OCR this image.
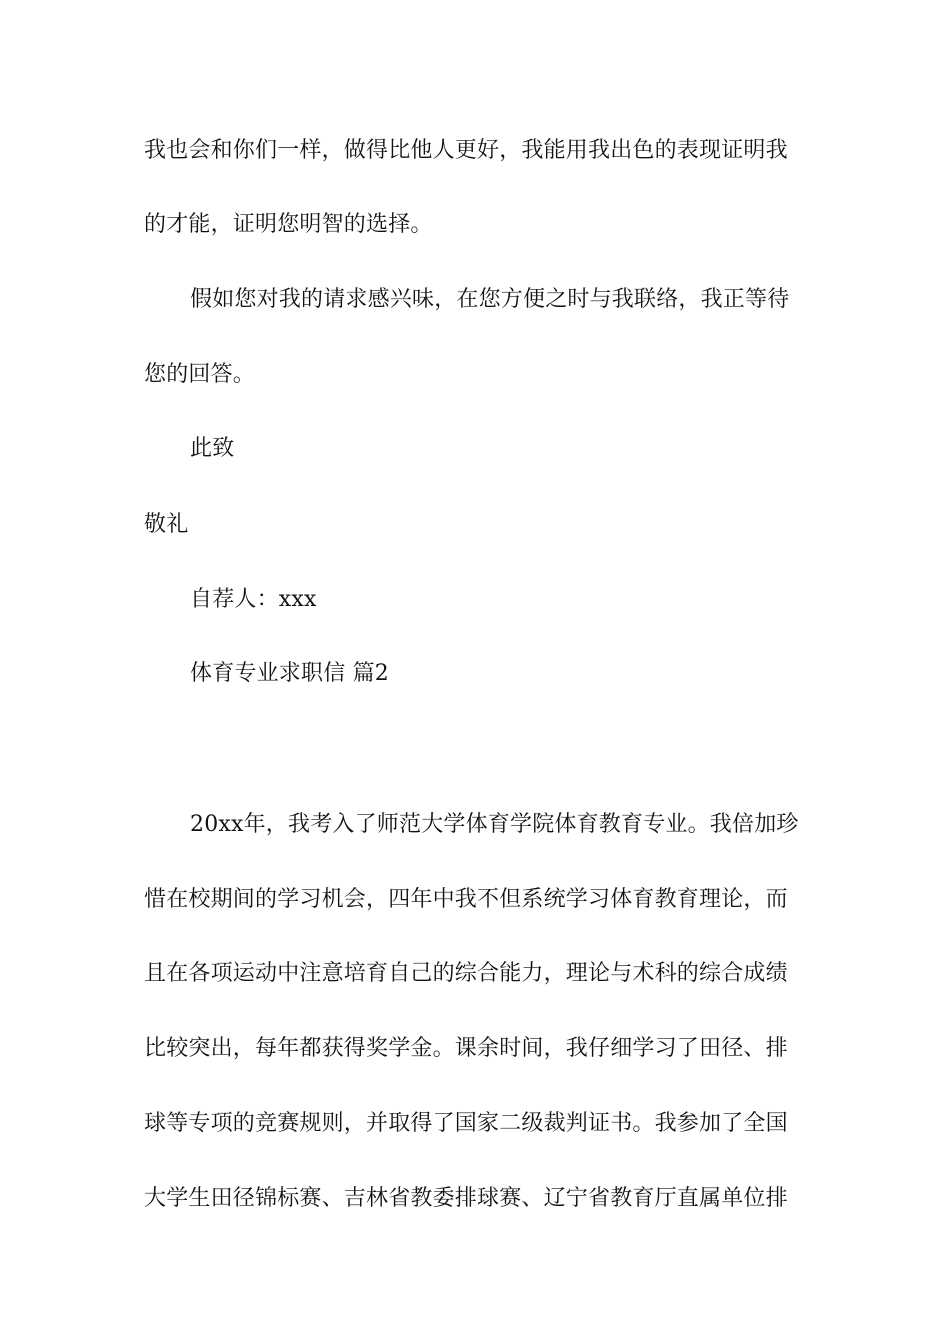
我也会和你们一样，做得比他人更好，我能用我出色的表现证明我
的才能，证明您明智的选择。
假如您对我的请求感兴味，在您方便之时与我联络，我正等待
您的回答。
此致
敬礼
自荐人：xxx
体育专业求职信 篇2
20xx年，我考入了师范大学体育学院体育教育专业。我倍加珍
惜在校期间的学习机会，四年中我不但系统学习体育教育理论，而
且在各项运动中注意培育自己的综合能力，理论与术科的综合成绩
比较突出，每年都获得奖学金。课余时间，我仔细学习了田径、排
球等专项的竞赛规则，并取得了国家二级裁判证书。我参加了全国
大学生田径锦标赛、吉林省教委排球赛、辽宁省教育厅直属单位排
